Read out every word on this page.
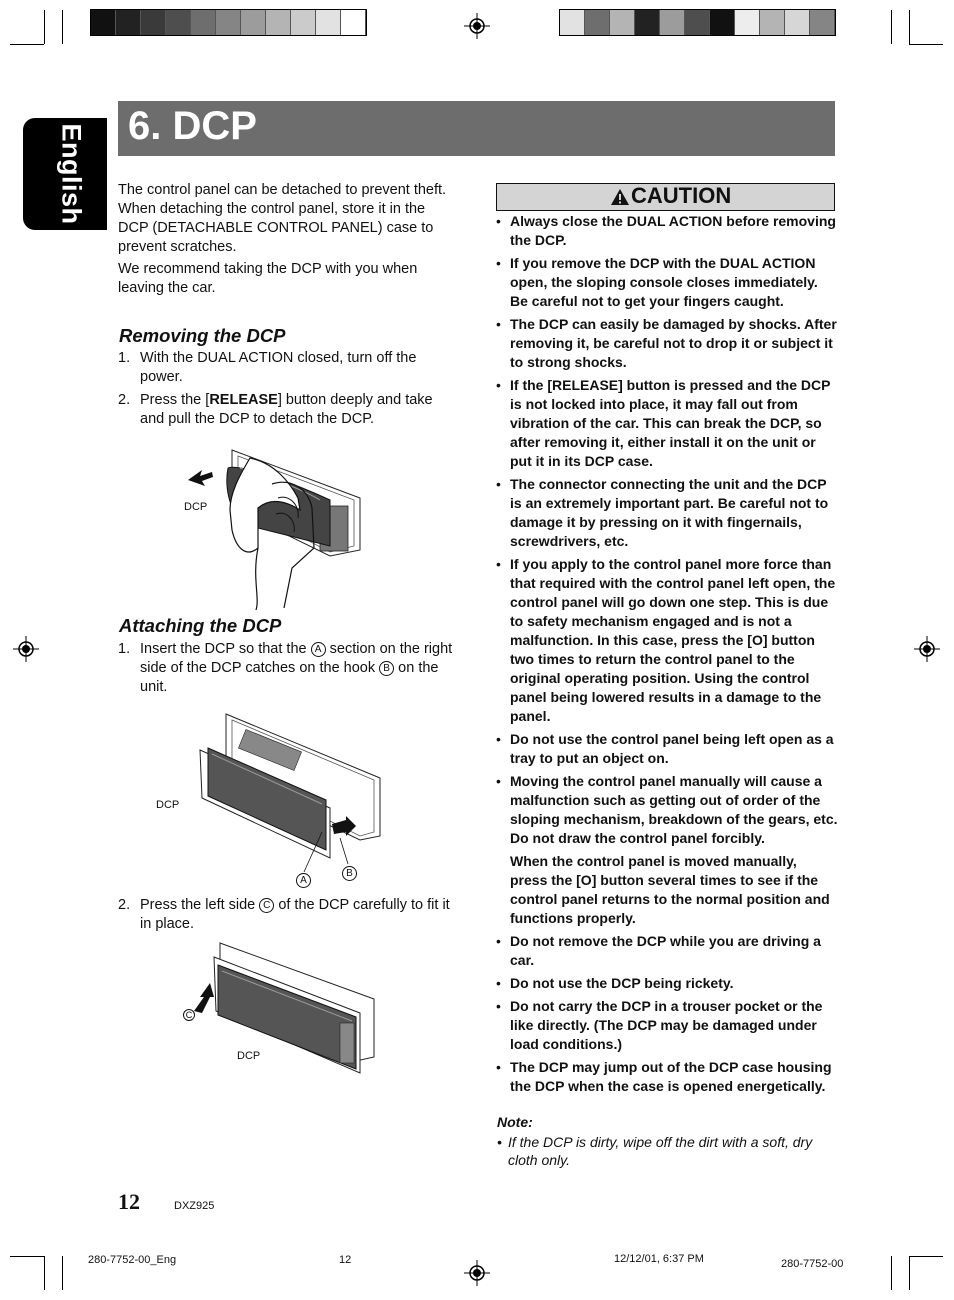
English 6. DCP
The control panel can be detached to prevent theft. When detaching the control panel, store it in the DCP (DETACHABLE CONTROL PANEL) case to prevent scratches.
We recommend taking the DCP with you when leaving the car.
Removing the DCP
1. With the DUAL ACTION closed, turn off the power.
2. Press the [RELEASE] button deeply and take and pull the DCP to detach the DCP.
DCP
Attaching the DCP
1. Insert the DCP so that the A section on the right side of the DCP catches on the hook B on the unit.
DCP
A
B
2. Press the left side C of the DCP carefully to fit it in place.
C
DCP
CAUTION
• Always close the DUAL ACTION before removing the DCP.
• If you remove the DCP with the DUAL ACTION open, the sloping console closes immediately. Be careful not to get your fingers caught.
• The DCP can easily be damaged by shocks. After removing it, be careful not to drop it or subject it to strong shocks.
• If the [RELEASE] button is pressed and the DCP is not locked into place, it may fall out from vibration of the car. This can break the DCP, so after removing it, either install it on the unit or put it in its DCP case.
• The connector connecting the unit and the DCP is an extremely important part. Be careful not to damage it by pressing on it with fingernails, screwdrivers, etc.
• If you apply to the control panel more force than that required with the control panel left open, the control panel will go down one step. This is due to safety mechanism engaged and is not a malfunction. In this case, press the [O] button two times to return the control panel to the original operating position. Using the control panel being lowered results in a damage to the panel.
• Do not use the control panel being left open as a tray to put an object on.
• Moving the control panel manually will cause a malfunction such as getting out of order of the sloping mechanism, breakdown of the gears, etc. Do not draw the control panel forcibly.

When the control panel is moved manually, press the [O] button several times to see if the control panel returns to the normal position and functions properly.

• Do not remove the DCP while you are driving a car.
• Do not use the DCP being rickety.
• Do not carry the DCP in a trouser pocket or the like directly. (The DCP may be damaged under load conditions.)
• The DCP may jump out of the DCP case housing the DCP when the case is opened energetically.
Note:
• If the DCP is dirty, wipe off the dirt with a soft, dry cloth only.
12	DXZ925
280-7752-00_Eng	12	12/12/01, 6:37 PM	280-7752-00
